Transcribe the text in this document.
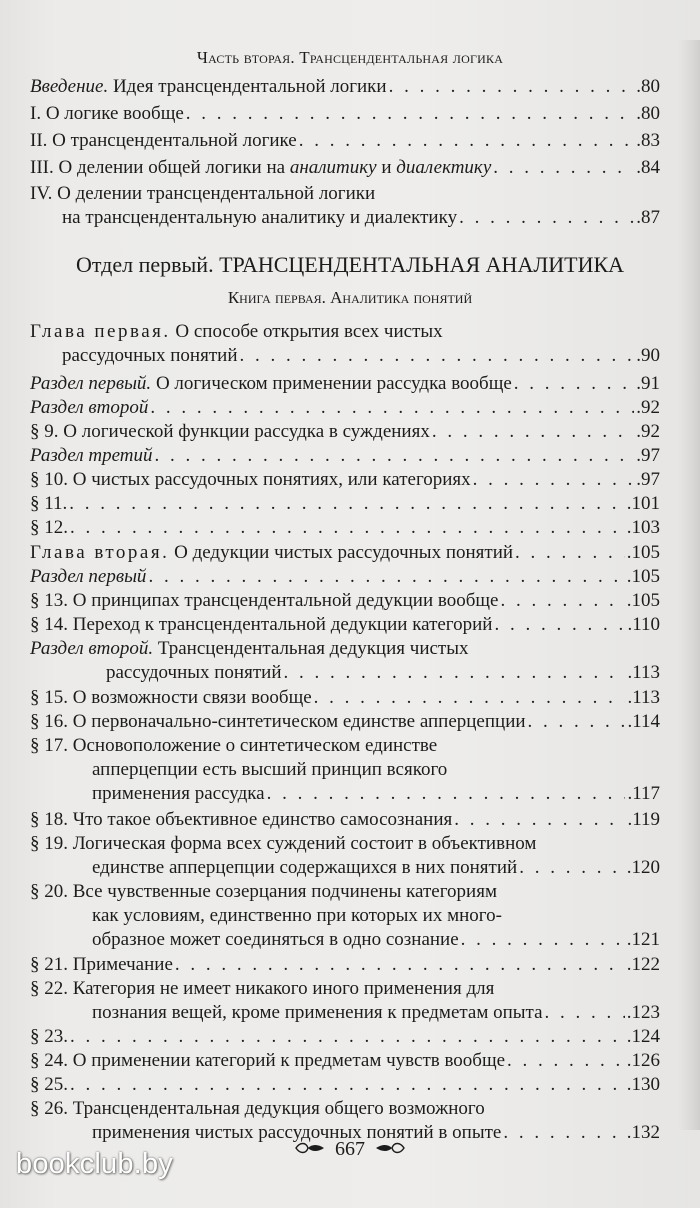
Часть вторая. Трансцендентальная логика
Введение. Идея трансцендентальной логики . . .	.80
I. О логике вообще . . .	.80
II. О трансцендентальной логике . . .	.83
III. О делении общей логики на аналитику и диалектику . . .	.84
IV. О делении трансцендентальной логики
на трансцендентальную аналитику и диалектику . . .	.87
Отдел первый. ТРАНСЦЕНДЕНТАЛЬНАЯ АНАЛИТИКА
Книга первая. Аналитика понятий
Глава первая. О способе открытия всех чистых
рассудочных понятий . . .	.90
Раздел первый. О логическом применении рассудка вообще . . .	.91
Раздел второй . . .	.92
§ 9. О логической функции рассудка в суждениях . . .	.92
Раздел третий . . .	.97
§ 10. О чистых рассудочных понятиях, или категориях . . .	.97
§ 11. . . .	.101
§ 12. . . .	.103
Глава вторая. О дедукции чистых рассудочных понятий . . .	.105
Раздел первый . . .	.105
§ 13. О принципах трансцендентальной дедукции вообще . . .	.105
§ 14. Переход к трансцендентальной дедукции категорий . . .	.110
Раздел второй. Трансцендентальная дедукция чистых
рассудочных понятий . . .	.113
§ 15. О возможности связи вообще . . .	.113
§ 16. О первоначально-синтетическом единстве апперцепции . . .	.114
§ 17. Основоположение о синтетическом единстве
апперцепции есть высший принцип всякого
применения рассудка . . .	.117
§ 18. Что такое объективное единство самосознания . . .	.119
§ 19. Логическая форма всех суждений состоит в объективном
единстве апперцепции содержащихся в них понятий . . .	.120
§ 20. Все чувственные созерцания подчинены категориям
как условиям, единственно при которых их много-
образное может соединяться в одно сознание . . .	.121
§ 21. Примечание . . .	.122
§ 22. Категория не имеет никакого иного применения для
познания вещей, кроме применения к предметам опыта . . .	.123
§ 23. . . .	.124
§ 24. О применении категорий к предметам чувств вообще . . .	.126
§ 25. . . .	.130
§ 26. Трансцендентальная дедукция общего возможного
применения чистых рассудочных понятий в опыте . . .	.132
667
bookclub.by
